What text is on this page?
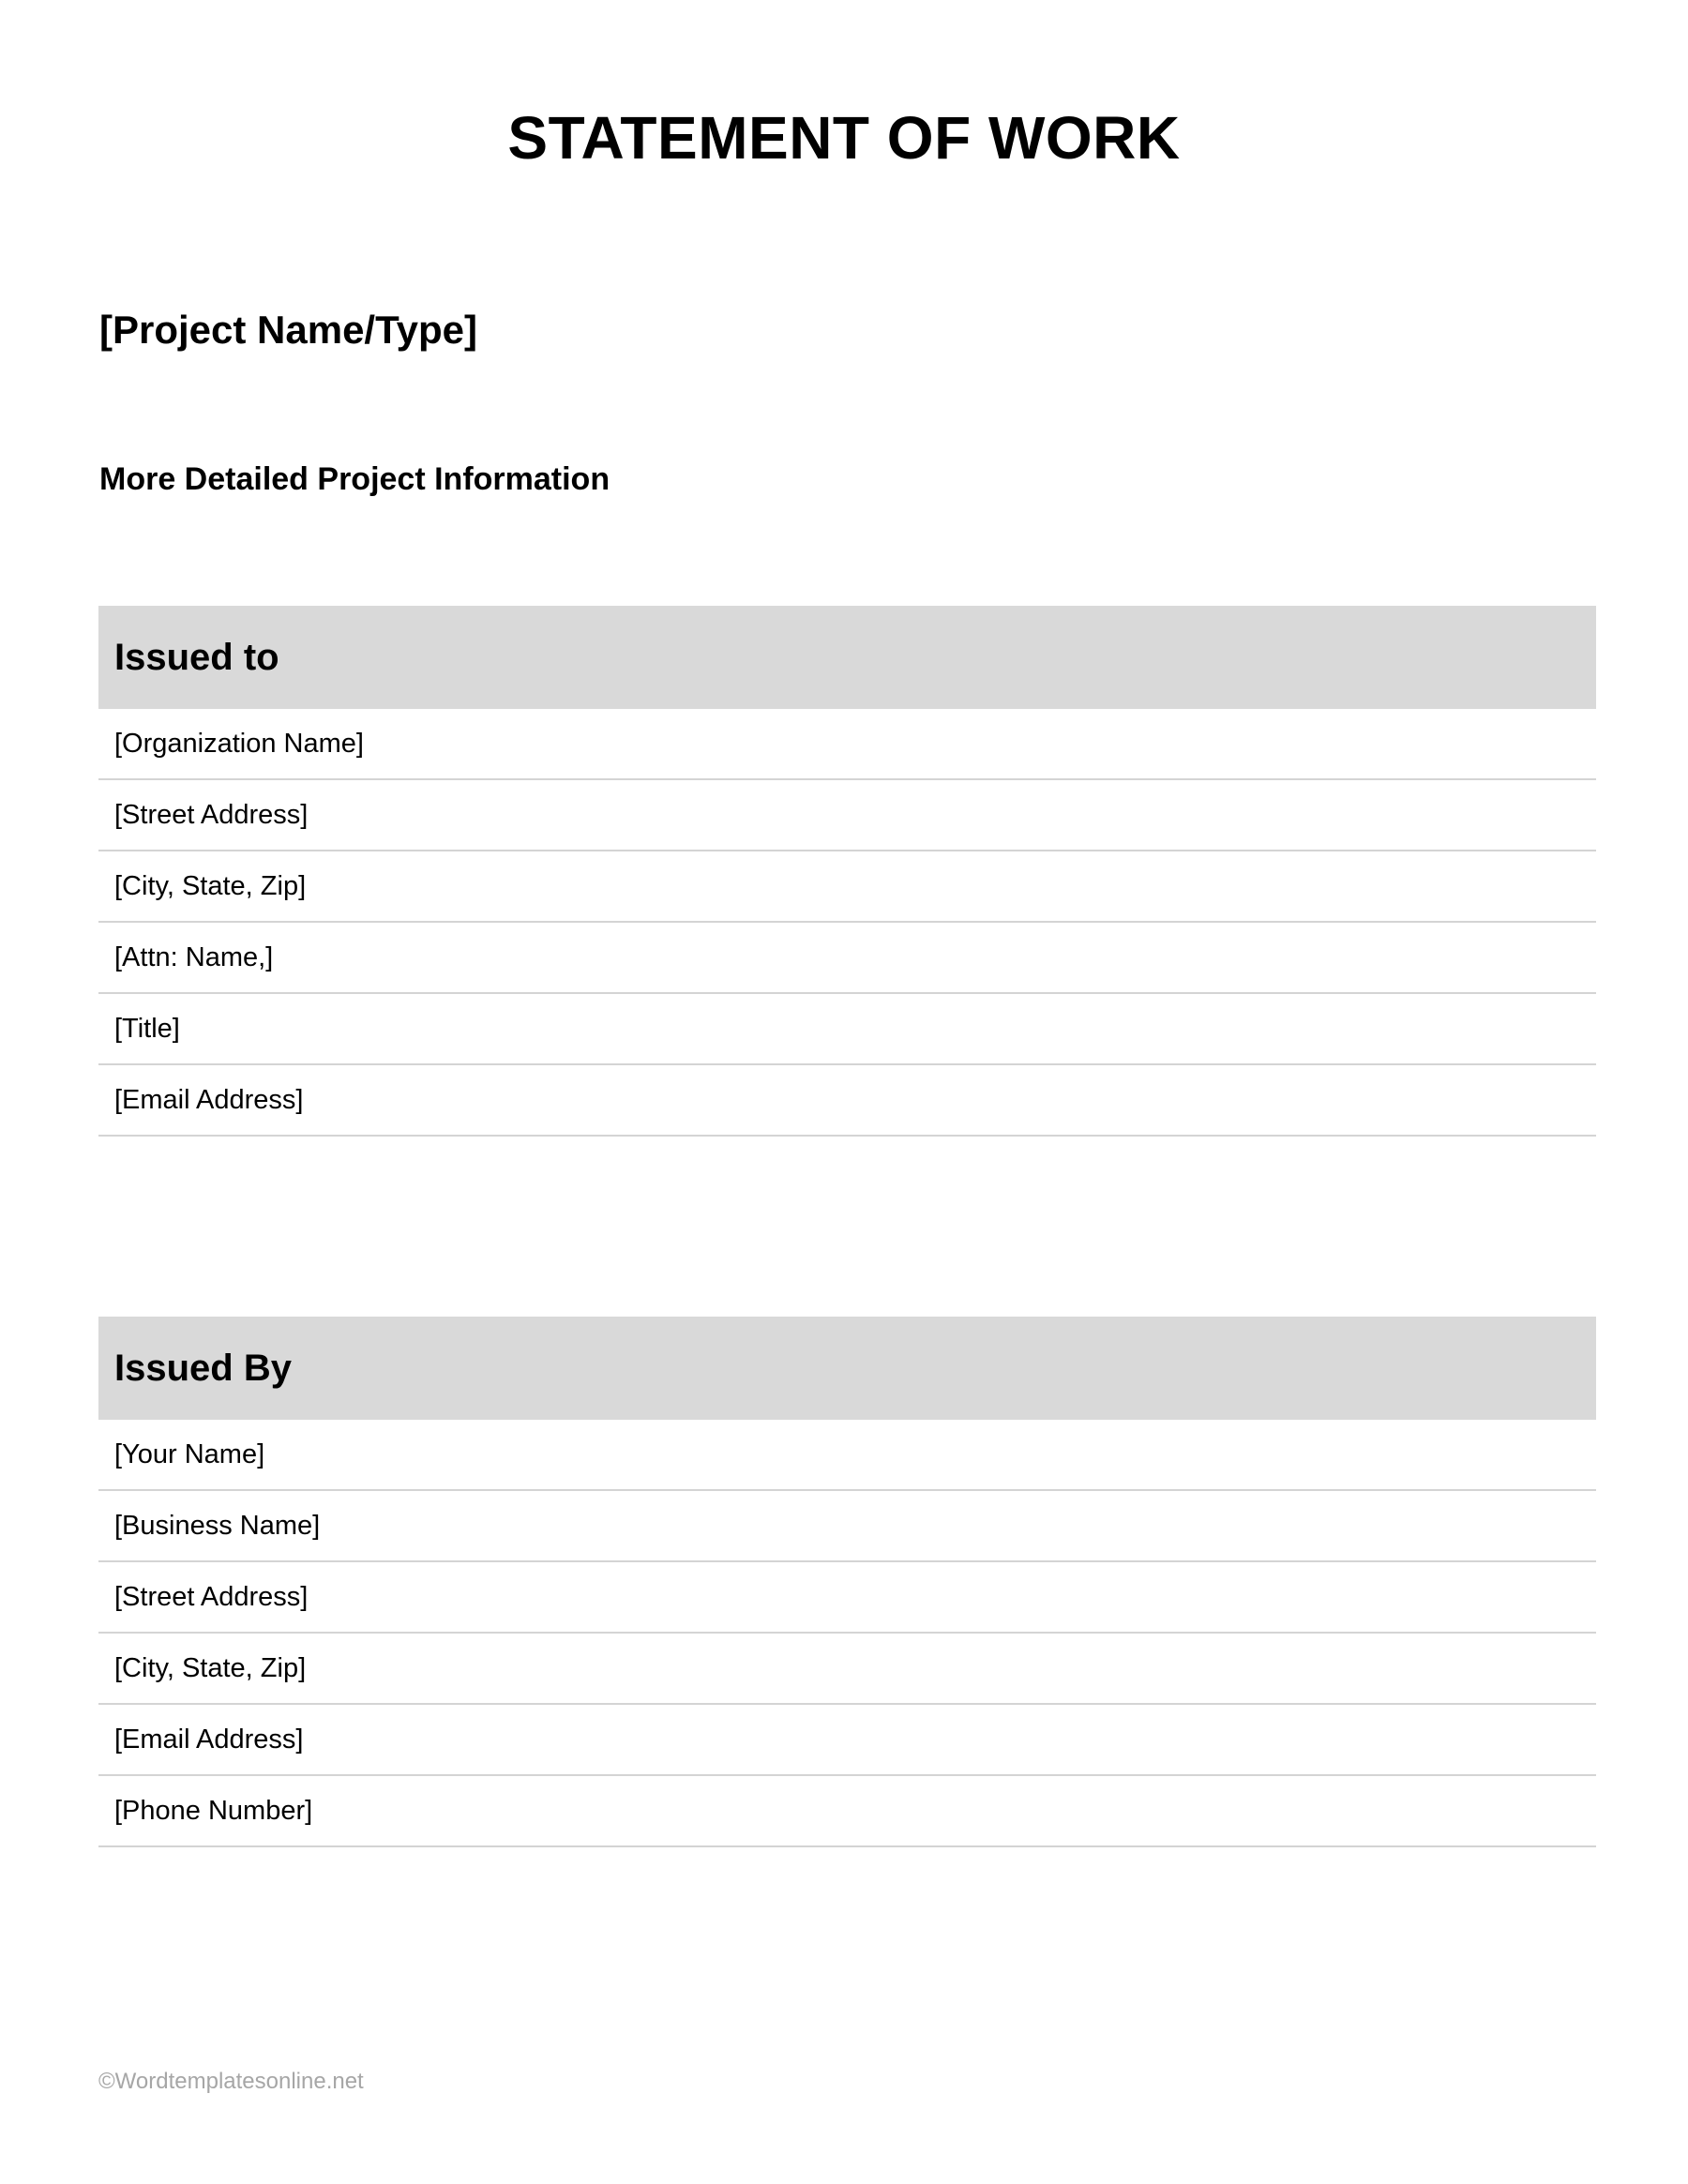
STATEMENT OF WORK
[Project Name/Type]
More Detailed Project Information
Issued to
[Organization Name]
[Street Address]
[City, State, Zip]
[Attn: Name,]
[Title]
[Email Address]
Issued By
[Your Name]
[Business Name]
[Street Address]
[City, State, Zip]
[Email Address]
[Phone Number]
©Wordtemplatesonline.net
